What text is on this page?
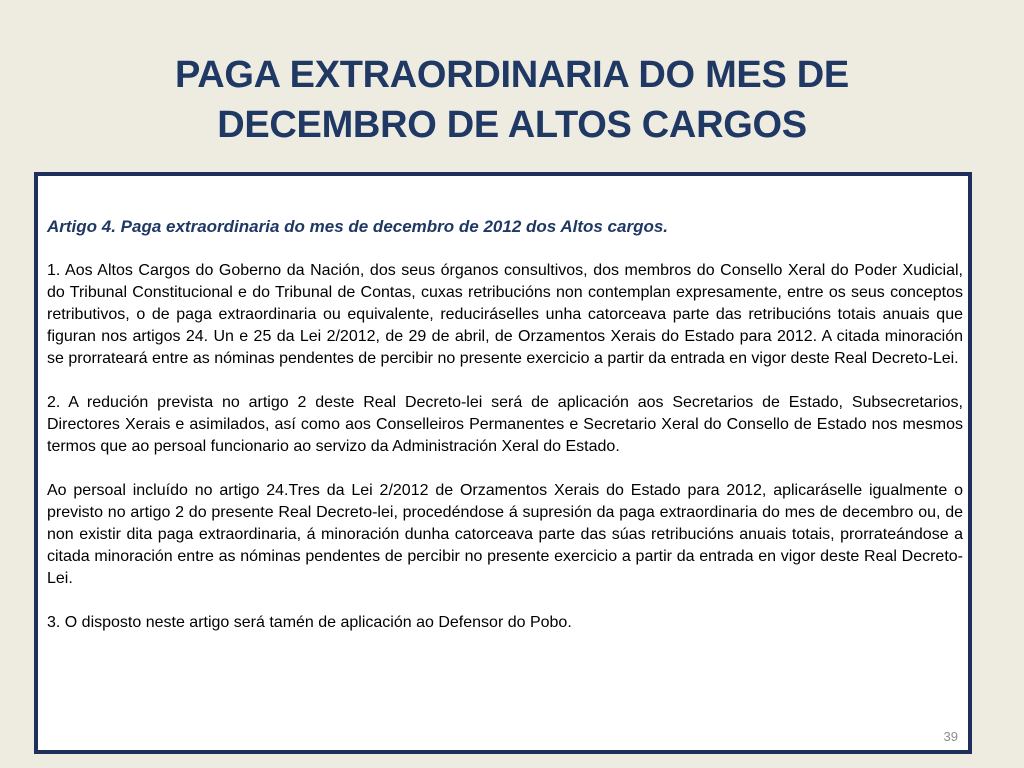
PAGA EXTRAORDINARIA DO MES DE
DECEMBRO DE ALTOS CARGOS

Artigo 4. Paga extraordinaria do mes de decembro de 2012 dos Altos cargos.

1. Aos Altos Cargos do Goberno da Nación, dos seus órganos consultivos, dos membros do Consello Xeral do Poder Xudicial, do Tribunal Constitucional e do Tribunal de Contas, cuxas retribucións non contemplan expresamente, entre os seus conceptos retributivos, o de paga extraordinaria ou equivalente, reduciráselles unha catorceava parte das retribucións totais anuais que figuran nos artigos 24. Un e 25 da Lei 2/2012, de 29 de abril, de Orzamentos Xerais do Estado para 2012. A citada minoración se prorrateará entre as nóminas pendentes de percibir no presente exercicio a partir da entrada en vigor deste Real Decreto-Lei.

2. A redución prevista no artigo 2 deste Real Decreto-lei será de aplicación aos Secretarios de Estado, Subsecretarios, Directores Xerais e asimilados, así como aos Conselleiros Permanentes e Secretario Xeral do Consello de Estado nos mesmos termos que ao persoal funcionario ao servizo da Administración Xeral do Estado.

Ao persoal incluído no artigo 24.Tres da Lei 2/2012 de Orzamentos Xerais do Estado para 2012, aplicaráselle igualmente o previsto no artigo 2 do presente Real Decreto-lei, procedéndose á supresión da paga extraordinaria do mes de decembro ou, de non existir dita paga extraordinaria, á minoración dunha catorceava parte das súas retribucións anuais totais, prorrateándose a citada minoración entre as nóminas pendentes de percibir no presente exercicio a partir da entrada en vigor deste Real Decreto-Lei.

3. O disposto neste artigo será tamén de aplicación ao Defensor do Pobo.

39
